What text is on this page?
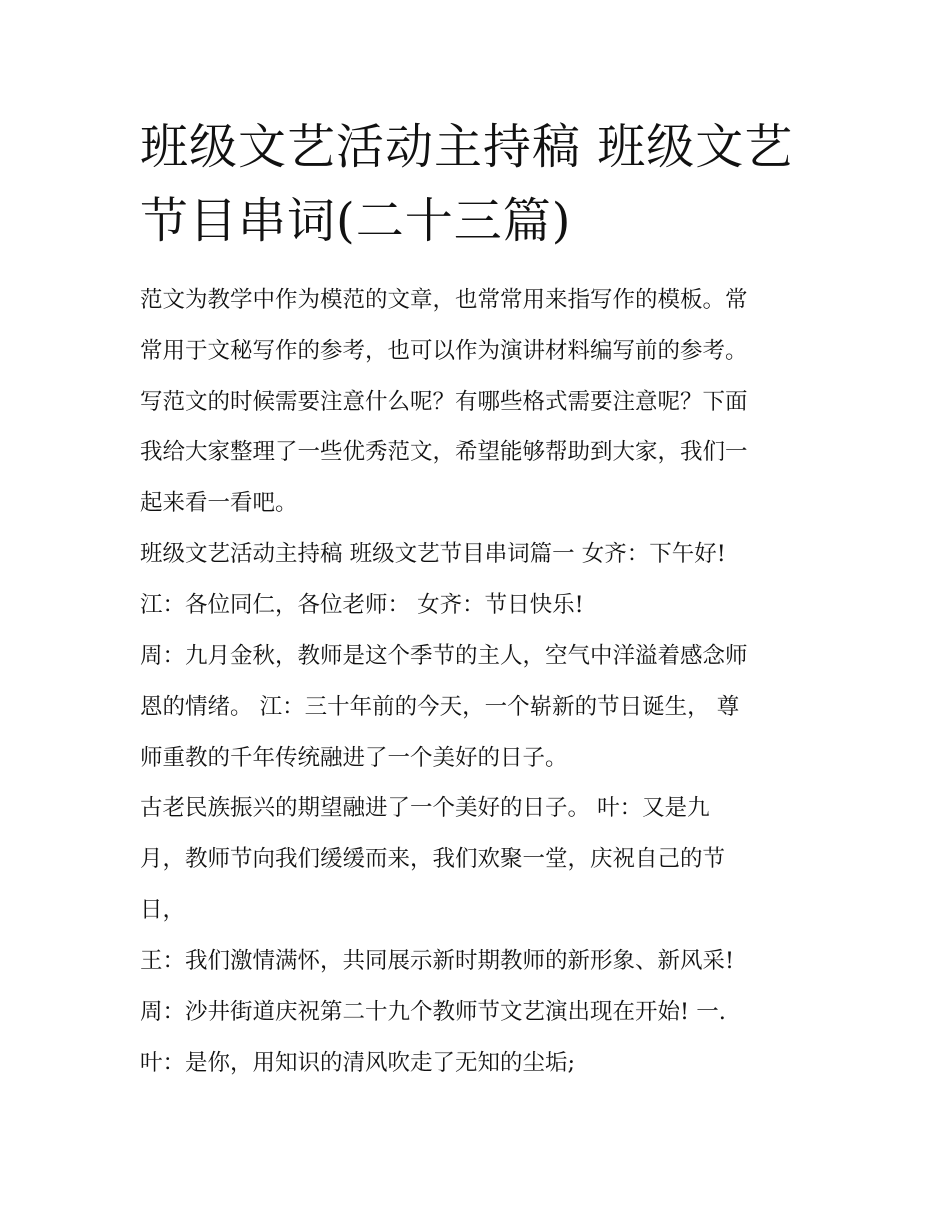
班级文艺活动主持稿 班级文艺
节目串词(二十三篇)

范文为教学中作为模范的文章，也常常用来指写作的模板。常

常用于文秘写作的参考，也可以作为演讲材料编写前的参考。

写范文的时候需要注意什么呢？有哪些格式需要注意呢？下面

我给大家整理了一些优秀范文，希望能够帮助到大家，我们一

起来看一看吧。

班级文艺活动主持稿 班级文艺节目串词篇一 女齐：下午好!

江：各位同仁，各位老师： 女齐：节日快乐!

周：九月金秋，教师是这个季节的主人，空气中洋溢着感念师

恩的情绪。 江：三十年前的今天，一个崭新的节日诞生， 尊

师重教的千年传统融进了一个美好的日子。

古老民族振兴的期望融进了一个美好的日子。 叶：又是九

月，教师节向我们缓缓而来，我们欢聚一堂，庆祝自己的节

日，

王：我们激情满怀，共同展示新时期教师的新形象、新风采!

周：沙井街道庆祝第二十九个教师节文艺演出现在开始! 一.

叶：是你，用知识的清风吹走了无知的尘垢;
